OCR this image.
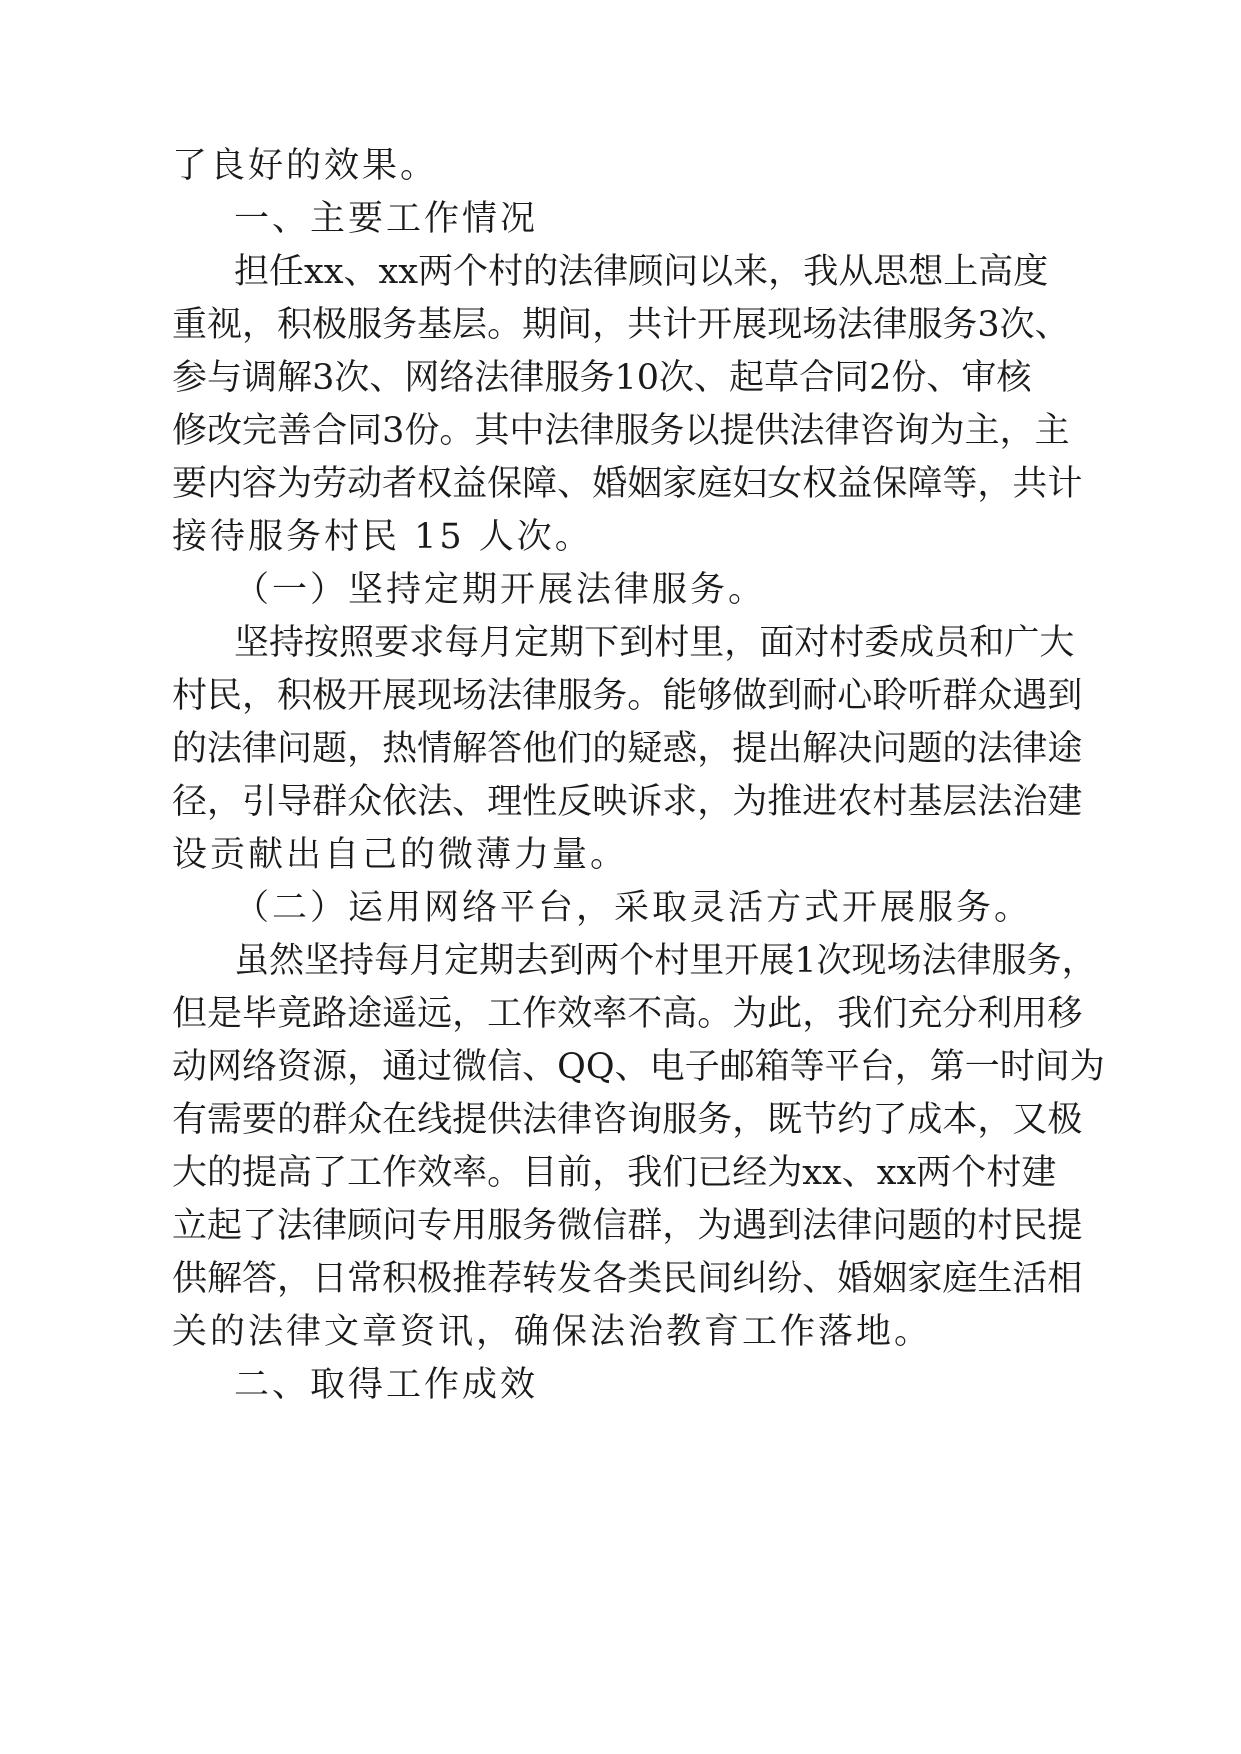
了良好的效果。
一、主要工作情况
担 任 xx 、 xx 两 个 村 的 法 律 顾 问 以 来 ， 我 从 思 想 上 高 度
重 视 ， 积 极 服 务 基 层 。 期 间 ， 共 计 开 展 现 场 法 律 服 务 3 次 、
参 与 调 解 3 次 、 网 络 法 律 服 务 10 次 、 起 草 合 同 2 份 、 审 核
修 改 完 善 合 同 3 份 。 其 中 法 律 服 务 以 提 供 法 律 咨 询 为 主 ， 主
要 内 容 为 劳 动 者 权 益 保 障 、 婚 姻 家 庭 妇 女 权 益 保 障 等 ， 共 计
接待服务村民 15 人次。
（一）坚持定期开展法律服务。
坚 持 按 照 要 求 每 月 定 期 下 到 村 里 ， 面 对 村 委 成 员 和 广 大
村 民 ， 积 极 开 展 现 场 法 律 服 务 。 能 够 做 到 耐 心 聆 听 群 众 遇 到
的 法 律 问 题 ， 热 情 解 答 他 们 的 疑 惑 ， 提 出 解 决 问 题 的 法 律 途
径 ， 引 导 群 众 依 法 、 理 性 反 映 诉 求 ， 为 推 进 农 村 基 层 法 治 建
设贡献出自己的微薄力量。
（二）运用网络平台，采取灵活方式开展服务。
虽 然 坚 持 每 月 定 期 去 到 两 个 村 里 开 展 1 次 现 场 法 律 服 务 ，
但 是 毕 竟 路 途 遥 远 ， 工 作 效 率 不 高 。 为 此 ， 我 们 充 分 利 用 移
动 网 络 资 源 ， 通 过 微 信 、 QQ 、 电 子 邮 箱 等 平 台 ， 第 一 时 间 为
有 需 要 的 群 众 在 线 提 供 法 律 咨 询 服 务 ， 既 节 约 了 成 本 ， 又 极
大 的 提 高 了 工 作 效 率 。 目 前 ， 我 们 已 经 为 xx 、 xx 两 个 村 建
立 起 了 法 律 顾 问 专 用 服 务 微 信 群 ， 为 遇 到 法 律 问 题 的 村 民 提
供 解 答 ， 日 常 积 极 推 荐 转 发 各 类 民 间 纠 纷 、 婚 姻 家 庭 生 活 相
关的法律文章资讯，确保法治教育工作落地。
二、取得工作成效
